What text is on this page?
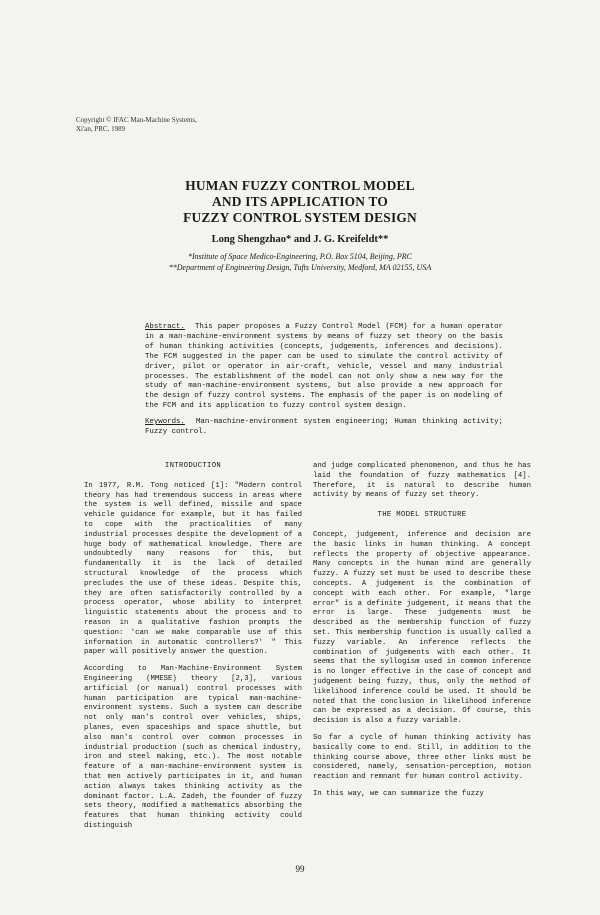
Copyright © IFAC Man-Machine Systems,
Xi'an, PRC, 1989
HUMAN FUZZY CONTROL MODEL
AND ITS APPLICATION TO
FUZZY CONTROL SYSTEM DESIGN
Long Shengzhao* and J. G. Kreifeldt**
*Institute of Space Medico-Engineering, P.O. Box 5104, Beijing, PRC
**Department of Engineering Design, Tufts University, Medford, MA 02155, USA

Abstract. This paper proposes a Fuzzy Control Model (FCM) for a human operator in a man-machine-environment systems by means of fuzzy set theory on the basis of human thinking activities (concepts, judgements, inferences and decisions). The FCM suggested in the paper can be used to simulate the control activity of driver, pilot or operator in air-craft, vehicle, vessel and many industrial processes. The establishment of the model can not only show a new way for the study of man-machine-environment systems, but also provide a new approach for the design of fuzzy control systems. The emphasis of the paper is on modeling of the FCM and its application to fuzzy control system design.

Keywords. Man-machine-environment system engineering; Human thinking activity; Fuzzy control.

INTRODUCTION

In 1977, R.M. Tong noticed [1]: "Modern control theory has had tremendous success in areas where the system is well defined, missile and space vehicle guidance for example, but it has failed to cope with the practicalities of many industrial processes despite the development of a huge body of mathematical knowledge. There are undoubtedly many reasons for this, but fundamentally it is the lack of detailed structural knowledge of the process which precludes the use of these ideas. Despite this, they are often satisfactorily controlled by a process operator, whose ability to interpret linguistic statements about the process and to reason in a qualitative fashion prompts the question: 'can we make comparable use of this information in automatic controllers?' " This paper will positively answer the question.

According to Man-Machine-Environment System Engineering (MMESE) theory [2,3], various artificial (or manual) control processes with human participation are typical man-machine-environment systems. Such a system can describe not only man's control over vehicles, ships, planes, even spaceships and space shuttle, but also man's control over common processes in industrial production (such as chemical industry, iron and steel making, etc.). The most notable feature of a man-machine-environment system is that men actively participates in it, and human action always takes thinking activity as the dominant factor. L.A. Zadeh, the founder of fuzzy sets theory, modified a mathematics absorbing the features that human thinking activity could distinguish

and judge complicated phenomenon, and thus he has laid the foundation of fuzzy mathematics [4]. Therefore, it is natural to describe human activity by means of fuzzy set theory.

THE MODEL STRUCTURE

Concept, judgement, inference and decision are the basic links in human thinking. A concept reflects the property of objective appearance. Many concepts in the human mind are generally fuzzy. A fuzzy set must be used to describe these concepts. A judgement is the combination of concept with each other. For example, "large error" is a definite judgement, it means that the error is large. These judgements must be described as the membership function of fuzzy set. This membership function is usually called a fuzzy variable. An inference reflects the combination of judgements with each other. It seems that the syllogism used in common inference is no longer effective in the case of concept and judgement being fuzzy, thus, only the method of likelihood inference could be used. It should be noted that the conclusion in likelihood inference can be expressed as a decision. Of course, this decision is also a fuzzy variable.

So far a cycle of human thinking activity has basically come to end. Still, in addition to the thinking course above, three other links must be considered, namely, sensation-perception, motion reaction and remnant for human control activity.

In this way, we can summarize the fuzzy

99
